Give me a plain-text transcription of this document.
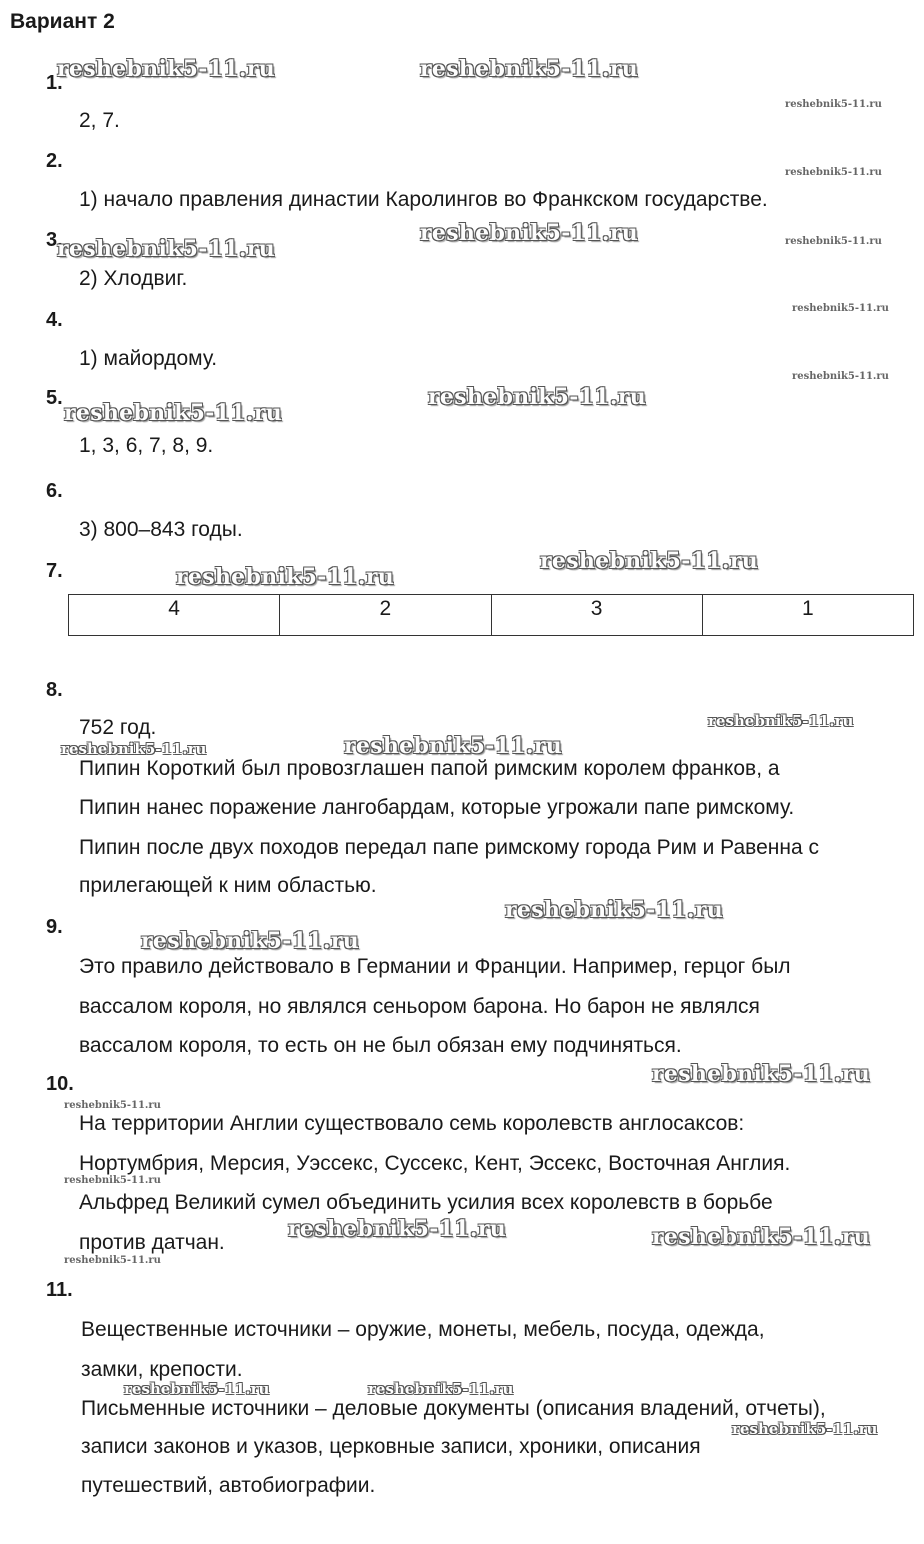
Вариант 2
1.
2, 7.
2.
1) начало правления династии Каролингов во Франкском государстве.
3.
2) Хлодвиг.
4.
1) майордому.
5.
1, 3, 6, 7, 8, 9.
6.
3) 800–843 годы.
7.
4	2	3	1
8.
752 год.
Пипин Короткий был провозглашен папой римским королем франков, а
Пипин нанес поражение лангобардам, которые угрожали папе римскому.
Пипин после двух походов передал папе римскому города Рим и Равенна с
прилегающей к ним областью.
9.
Это правило действовало в Германии и Франции. Например, герцог был
вассалом короля, но являлся сеньором барона. Но барон не являлся
вассалом короля, то есть он не был обязан ему подчиняться.
10.
На территории Англии существовало семь королевств англосаксов:
Нортумбрия, Мерсия, Уэссекс, Суссекс, Кент, Эссекс, Восточная Англия.
Альфред Великий сумел объединить усилия всех королевств в борьбе
против датчан.
11.
Вещественные источники – оружие, монеты, мебель, посуда, одежда,
замки, крепости.
Письменные источники – деловые документы (описания владений, отчеты),
записи законов и указов, церковные записи, хроники, описания
путешествий, автобиографии.
reshebnik5-11.ru	reshebnik5-11.ru
reshebnik5-11.ru
reshebnik5-11.ru
reshebnik5-11.ru
reshebnik5-11.ru	reshebnik5-11.ru
reshebnik5-11.ru
reshebnik5-11.ru
reshebnik5-11.ru
reshebnik5-11.ru
reshebnik5-11.ru
reshebnik5-11.ru
reshebnik5-11.ru
reshebnik5-11.ru	reshebnik5-11.ru
reshebnik5-11.ru
reshebnik5-11.ru
reshebnik5-11.ru
reshebnik5-11.ru
reshebnik5-11.ru
reshebnik5-11.ru	reshebnik5-11.ru
reshebnik5-11.ru
reshebnik5-11.ru	reshebnik5-11.ru
reshebnik5-11.ru
